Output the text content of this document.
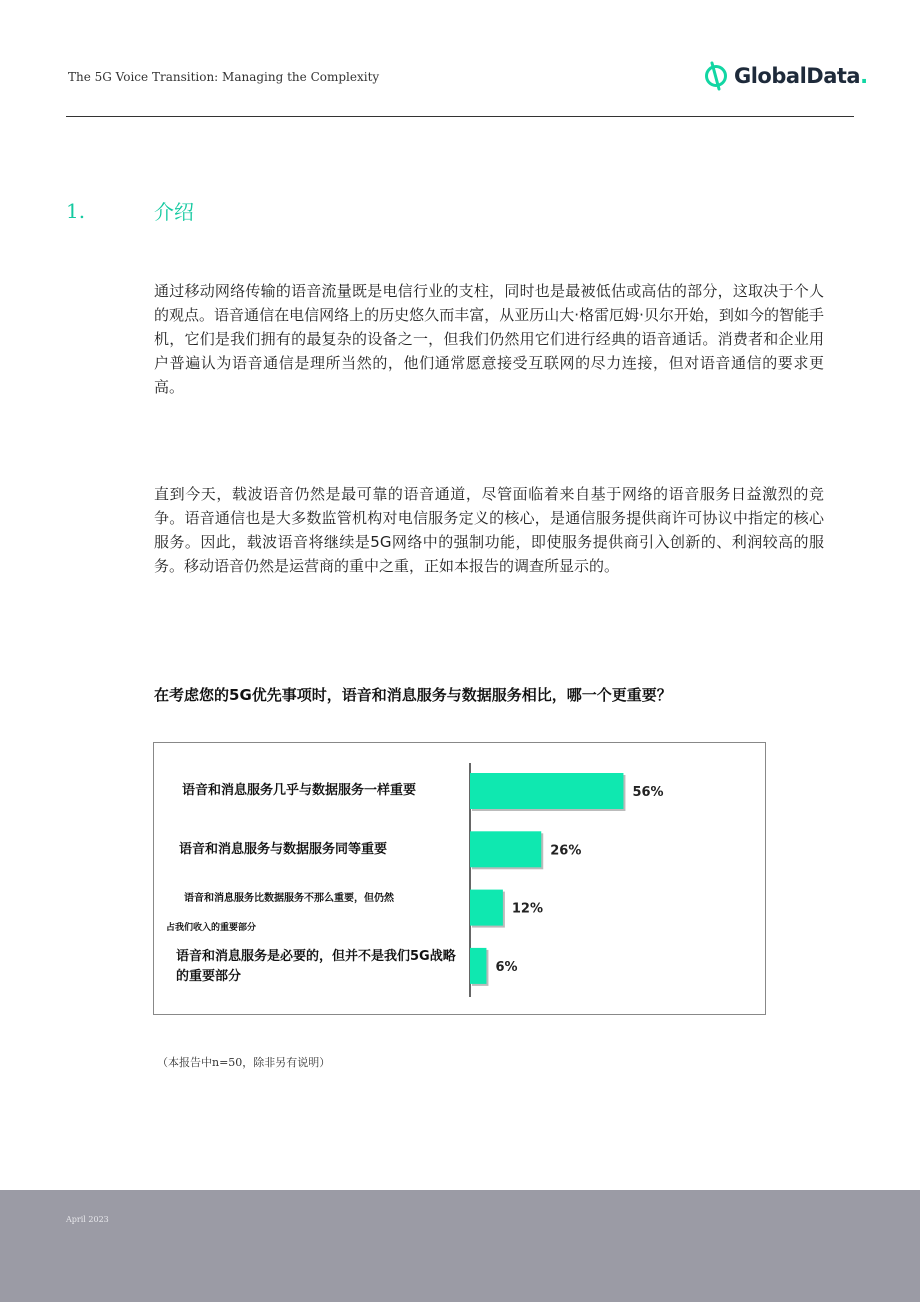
The 5G Voice Transition: Managing the Complexity	GlobalData.
1.	介绍

通过移动网络传输的语音流量既是电信行业的支柱，同时也是最被低估或高估的部分，这取决于个人的观点。语音通信在电信网络上的历史悠久而丰富，从亚历山大·格雷厄姆·贝尔开始，到如今的智能手机，它们是我们拥有的最复杂的设备之一，但我们仍然用它们进行经典的语音通话。消费者和企业用户普遍认为语音通信是理所当然的，他们通常愿意接受互联网的尽力连接，但对语音通信的要求更高。

直到今天，载波语音仍然是最可靠的语音通道，尽管面临着来自基于网络的语音服务日益激烈的竞争。语音通信也是大多数监管机构对电信服务定义的核心，是通信服务提供商许可协议中指定的核心服务。因此，载波语音将继续是5G网络中的强制功能，即使服务提供商引入创新的、利润较高的服务。移动语音仍然是运营商的重中之重，正如本报告的调查所显示的。

在考虑您的5G优先事项时，语音和消息服务与数据服务相比，哪一个更重要？
语音和消息服务几乎与数据服务一样重要
语音和消息服务与数据服务同等重要
语音和消息服务比数据服务不那么重要，但仍然
占我们收入的重要部分
语音和消息服务是必要的，但并不是我们5G战略的重要部分
56%
26%
12%
6%
（本报告中n=50，除非另有说明）
April 2023
